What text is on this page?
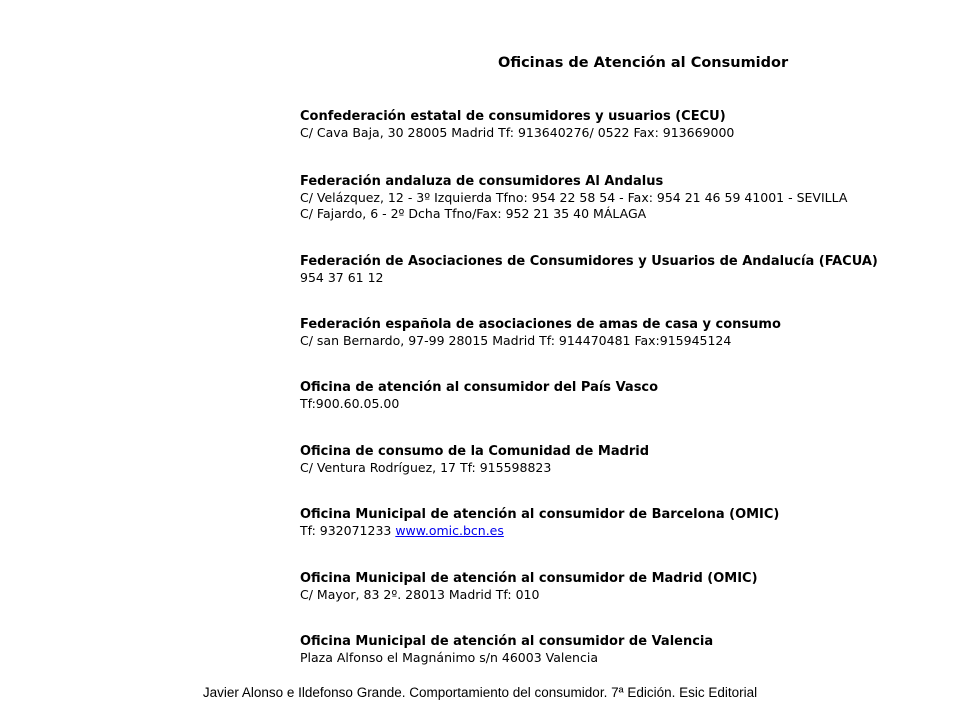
Oficinas de Atención al Consumidor
Confederación estatal de consumidores y usuarios (CECU)
C/ Cava Baja, 30 28005 Madrid Tf: 913640276/ 0522 Fax: 913669000
Federación andaluza de consumidores Al Andalus
C/ Velázquez, 12 - 3º Izquierda Tfno: 954 22 58 54 - Fax: 954 21 46 59 41001 - SEVILLA
C/ Fajardo, 6 - 2º Dcha Tfno/Fax: 952 21 35 40 MÁLAGA
Federación de Asociaciones de Consumidores y Usuarios de Andalucía (FACUA)
954 37 61 12
Federación española de asociaciones de amas de casa y consumo
C/ san Bernardo, 97-99 28015 Madrid Tf: 914470481 Fax:915945124
Oficina de atención al consumidor del País Vasco
Tf:900.60.05.00
Oficina de consumo de la Comunidad de Madrid
C/ Ventura Rodríguez, 17 Tf: 915598823
Oficina Municipal de atención al consumidor de Barcelona (OMIC)
Tf: 932071233 www.omic.bcn.es
Oficina Municipal de atención al consumidor de Madrid (OMIC)
C/ Mayor, 83 2º. 28013 Madrid Tf: 010
Oficina Municipal de atención al consumidor de Valencia
Plaza Alfonso el Magnánimo s/n 46003 Valencia
Javier Alonso e Ildefonso Grande. Comportamiento del consumidor. 7ª Edición. Esic Editorial
